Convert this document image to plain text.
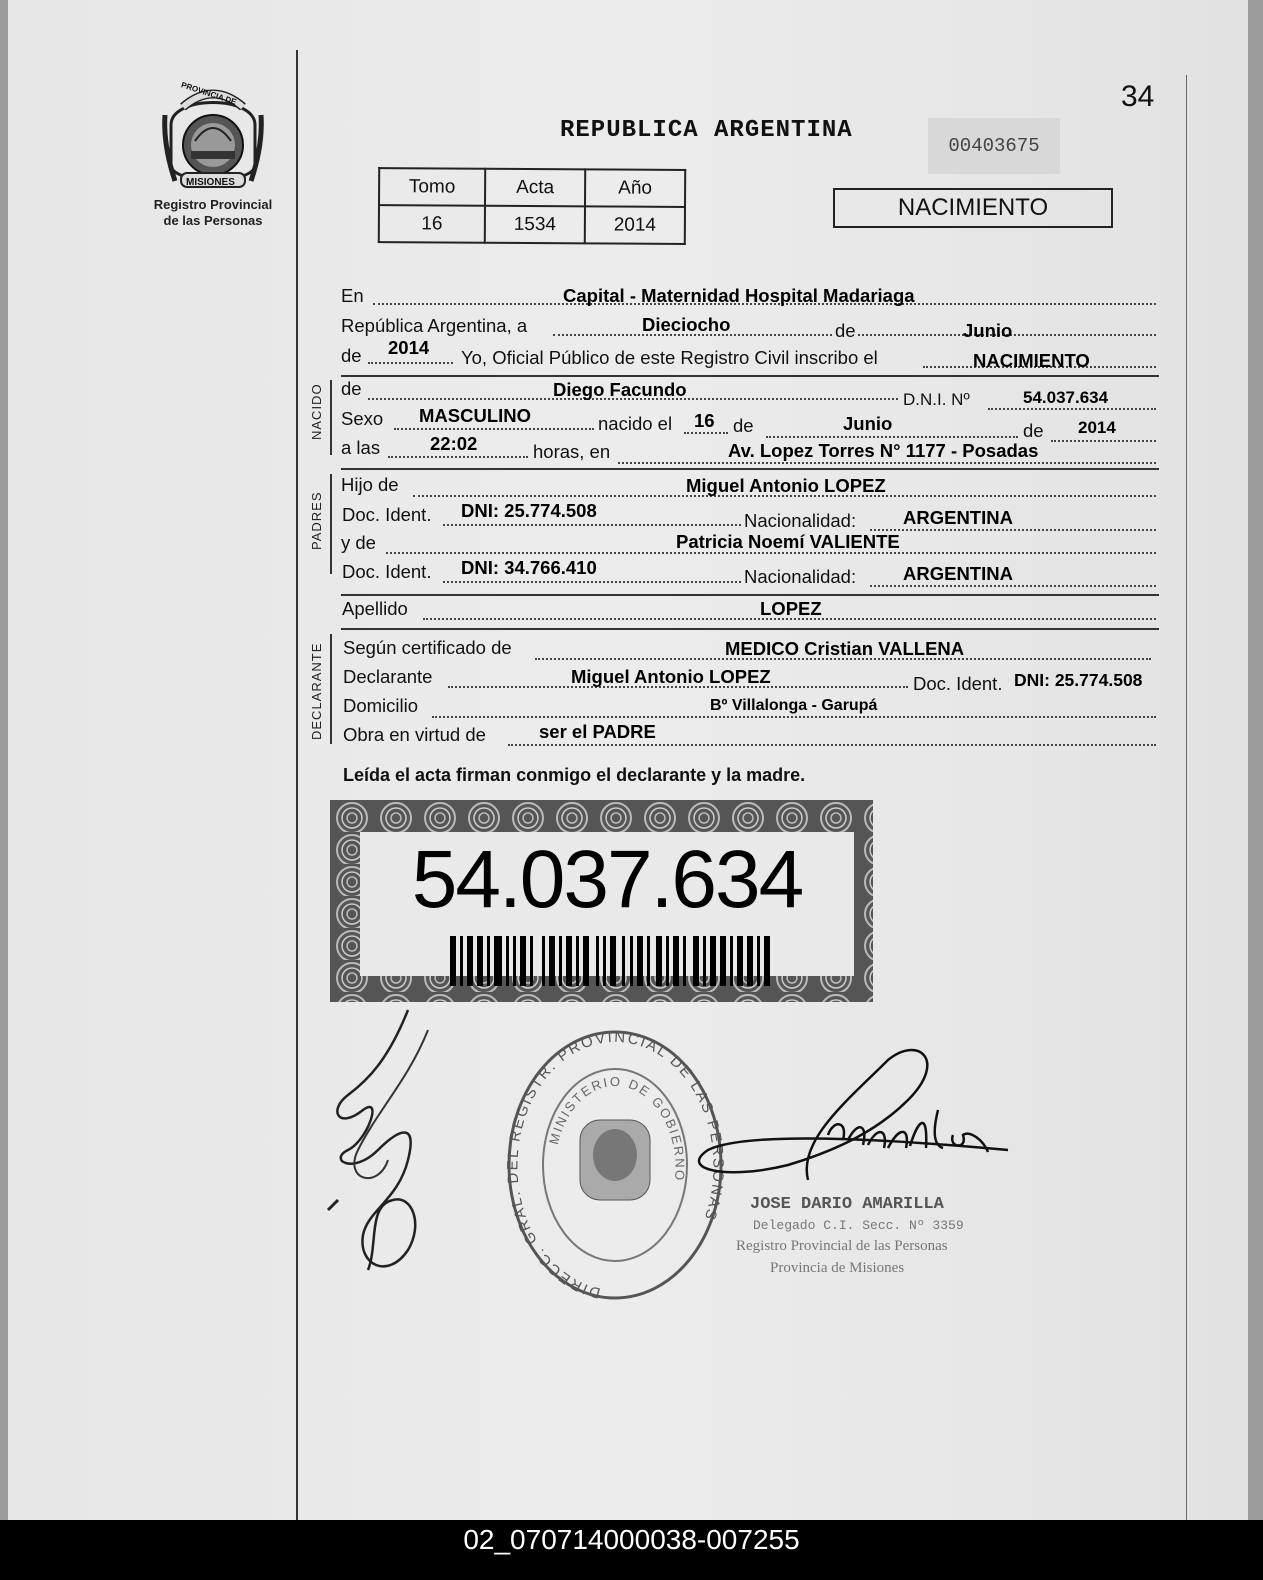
PROVINCIA DE
MISIONES
Registro Provincial
de las Personas
34
REPUBLICA ARGENTINA
00403675
Tomo	Acta	Año
16	1534	2014
NACIMIENTO
En	Capital - Maternidad Hospital Madariaga
República Argentina, a	Dieciocho	de	Junio
de 2014 Yo, Oficial Público de este Registro Civil inscribo el	NACIMIENTO
NACIDO de	Diego Facundo	D.N.I. Nº	54.037.634
Sexo MASCULINO	nacido el 16 de	Junio	de 2014
a las	22:02	horas, en	Av. Lopez Torres N° 1177 - Posadas
PADRES
Hijo de	Miguel Antonio LOPEZ
Doc. Ident. DNI: 25.774.508	Nacionalidad:	ARGENTINA
y de	Patricia Noemí VALIENTE
Doc. Ident. DNI: 34.766.410	Nacionalidad:	ARGENTINA
Apellido	LOPEZ
DECLARANTE Según certificado de	MEDICO Cristian VALLENA
Declarante	Miguel Antonio LOPEZ	Doc. Ident. DNI: 25.774.508
Domicilio	Bº Villalonga - Garupá
Obra en virtud de	ser el PADRE
Leída el acta firman conmigo el declarante y la madre.
54.037.634
DIRECC. GRAL. DEL REGISTR. PROVINCIAL DE LAS PERSONAS
MINISTERIO DE GOBIERNO
JOSE DARIO AMARILLA
Delegado C.I. Secc. Nº 3359
Registro Provincial de las Personas
Provincia de Misiones
02_070714000038-007255
